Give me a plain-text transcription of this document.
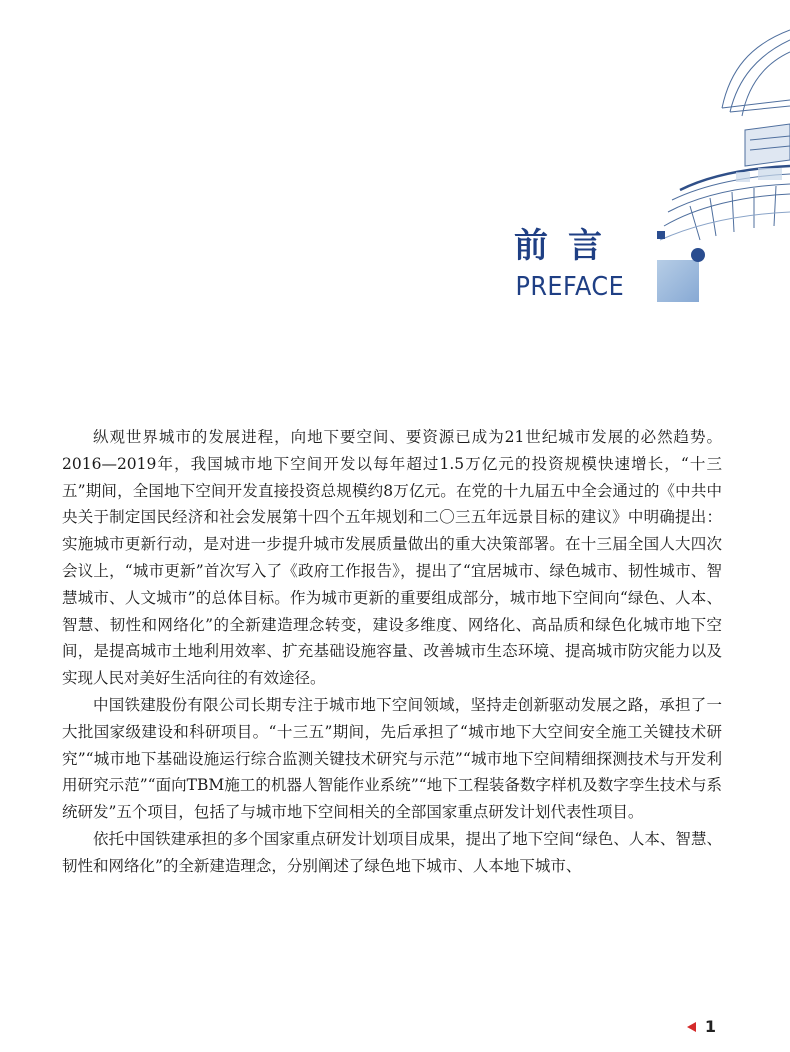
前言
PREFACE

纵观世界城市的发展进程，向地下要空间、要资源已成为21世纪城市发展的必然趋势。2016—2019年，我国城市地下空间开发以每年超过1.5万亿元的投资规模快速增长，“十三五”期间，全国地下空间开发直接投资总规模约8万亿元。在党的十九届五中全会通过的《中共中央关于制定国民经济和社会发展第十四个五年规划和二〇三五年远景目标的建议》中明确提出：实施城市更新行动，是对进一步提升城市发展质量做出的重大决策部署。在十三届全国人大四次会议上，“城市更新”首次写入了《政府工作报告》，提出了“宜居城市、绿色城市、韧性城市、智慧城市、人文城市”的总体目标。作为城市更新的重要组成部分，城市地下空间向“绿色、人本、智慧、韧性和网络化”的全新建造理念转变，建设多维度、网络化、高品质和绿色化城市地下空间，是提高城市土地利用效率、扩充基础设施容量、改善城市生态环境、提高城市防灾能力以及实现人民对美好生活向往的有效途径。

中国铁建股份有限公司长期专注于城市地下空间领域，坚持走创新驱动发展之路，承担了一大批国家级建设和科研项目。“十三五”期间，先后承担了“城市地下大空间安全施工关键技术研究”“城市地下基础设施运行综合监测关键技术研究与示范”“城市地下空间精细探测技术与开发利用研究示范”“面向TBM施工的机器人智能作业系统”“地下工程装备数字样机及数字孪生技术与系统研发”五个项目，包括了与城市地下空间相关的全部国家重点研发计划代表性项目。

依托中国铁建承担的多个国家重点研发计划项目成果，提出了地下空间“绿色、人本、智慧、韧性和网络化”的全新建造理念，分别阐述了绿色地下城市、人本地下城市、

1
